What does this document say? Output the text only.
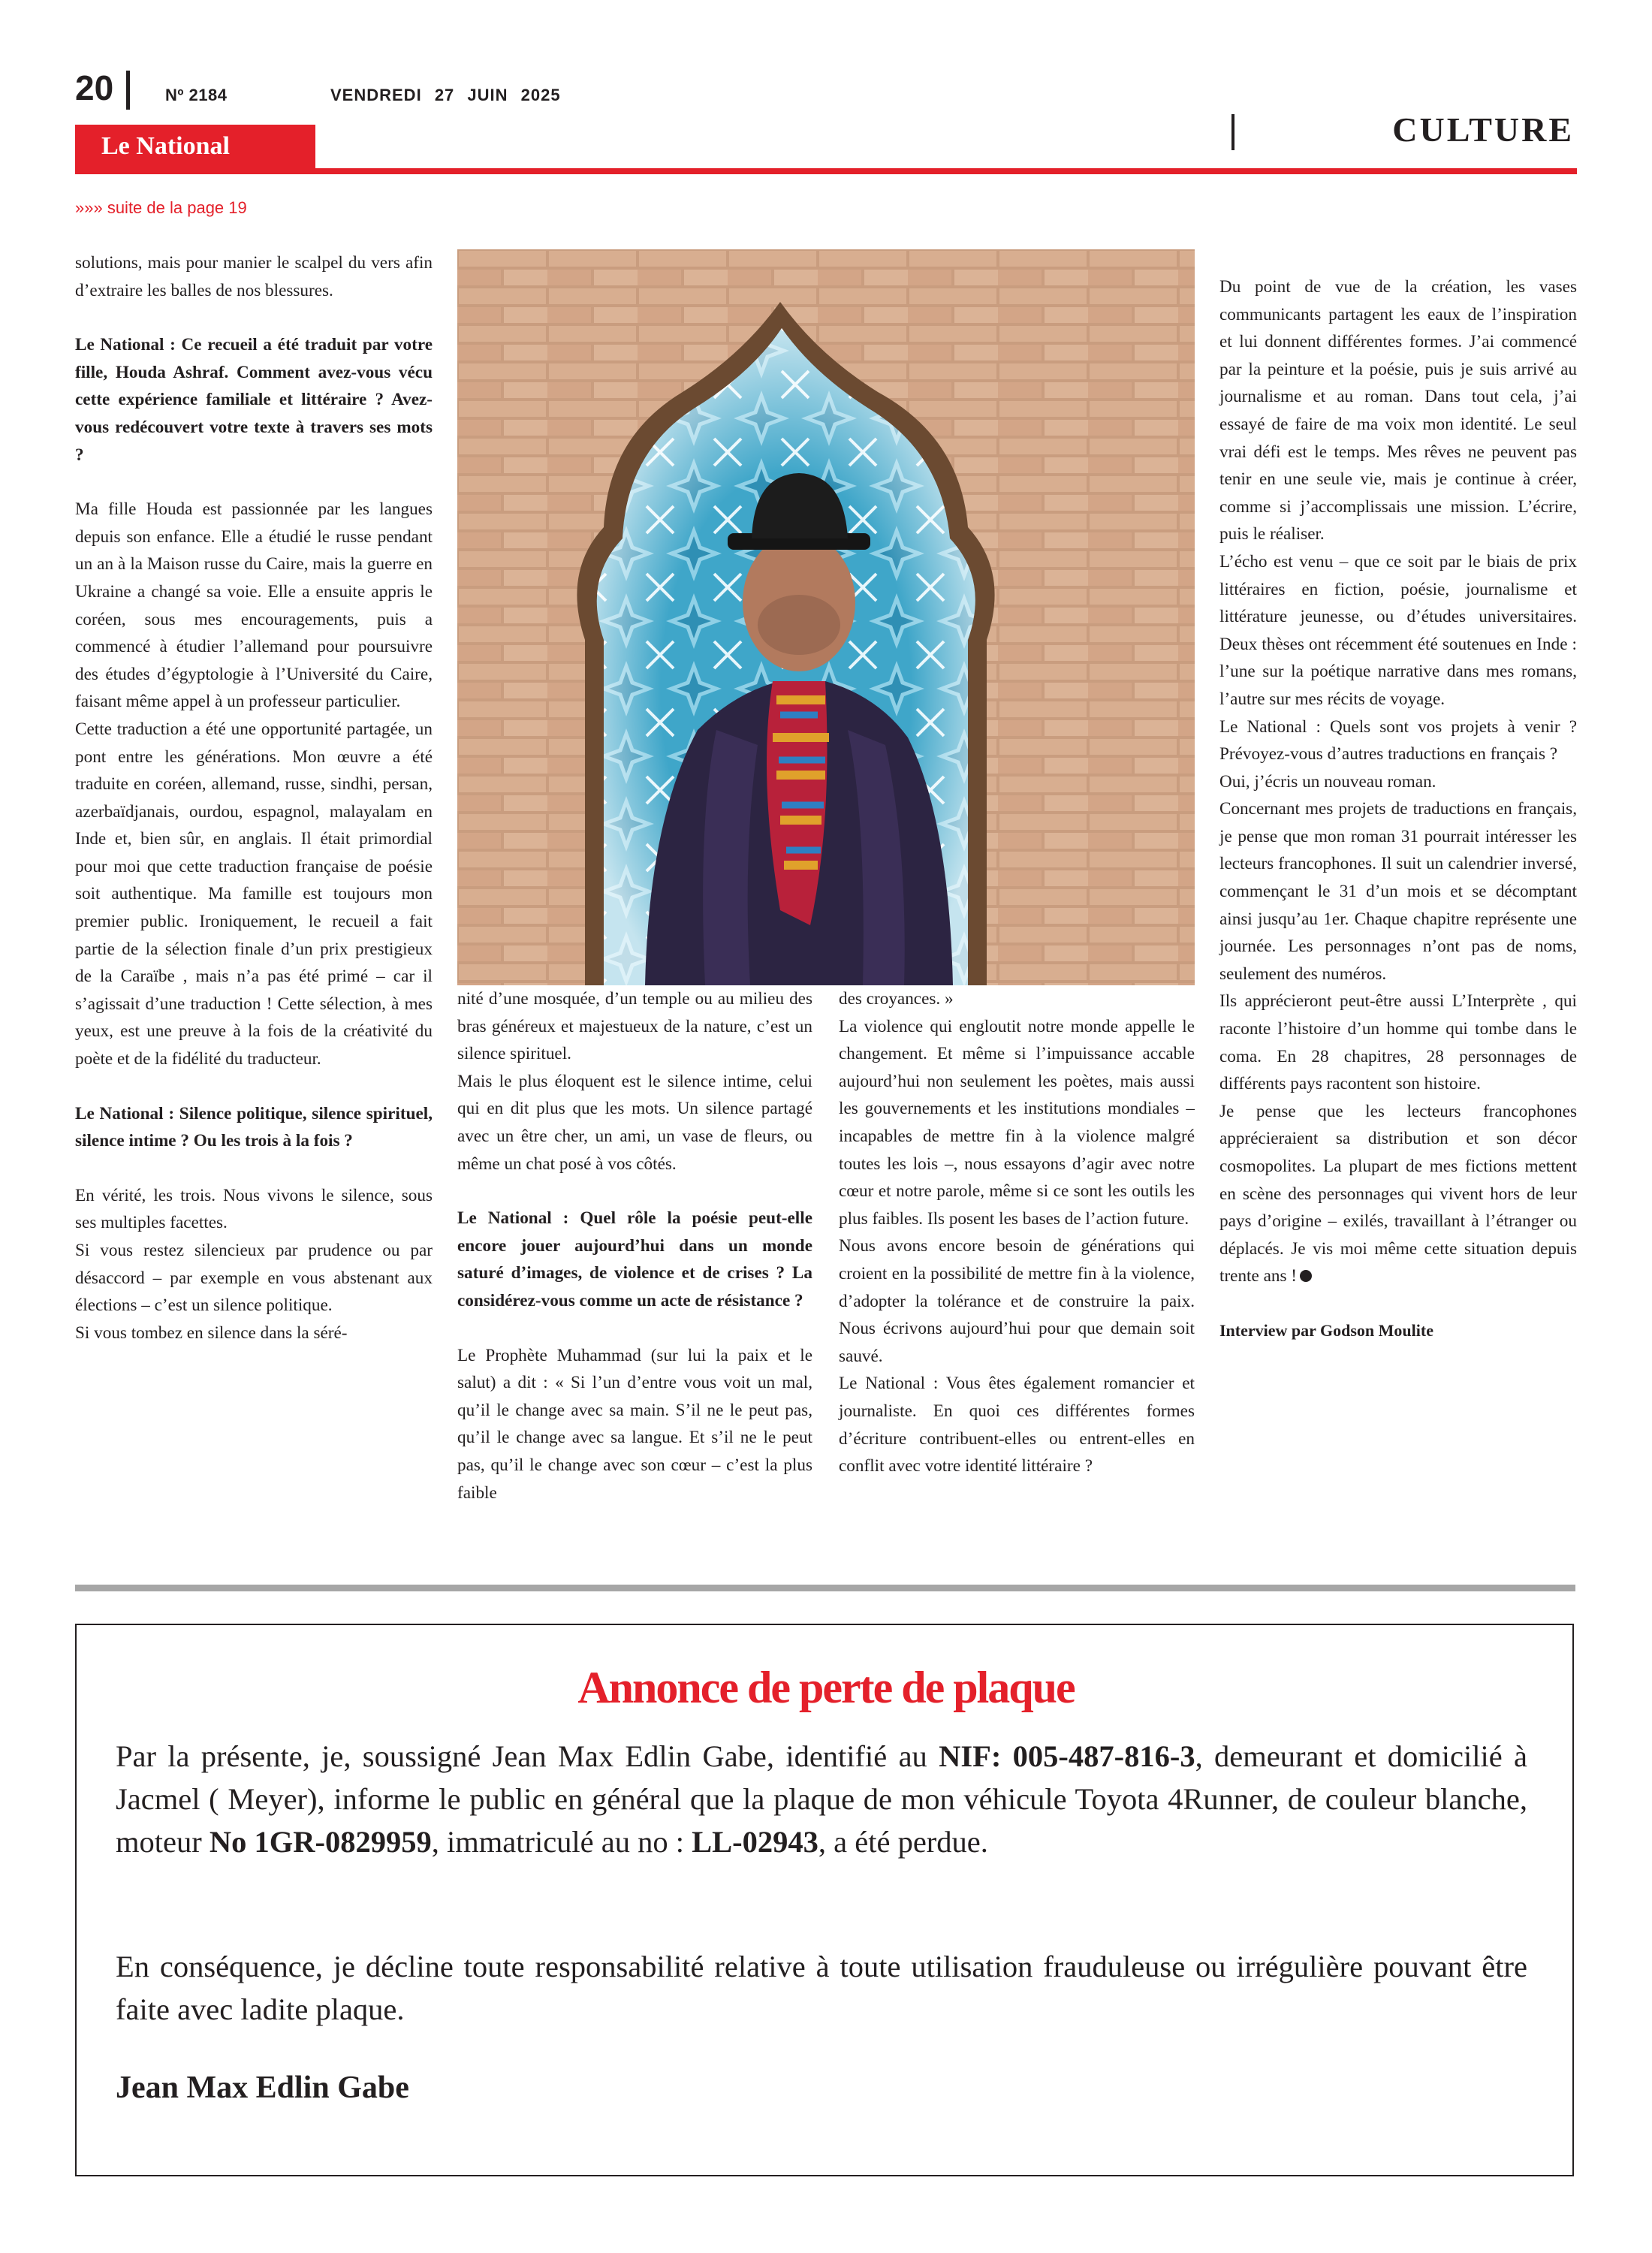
20	Nº 2184	VENDREDI 27 JUIN 2025
CULTURE
Le National
»»» suite de la page 19

solutions, mais pour manier le scalpel du vers afin d’extraire les balles de nos blessures.

Le National : Ce recueil a été traduit par votre fille, Houda Ashraf. Comment avez-vous vécu cette expérience familiale et littéraire ? Avez-vous redécouvert votre texte à travers ses mots ?

Ma fille Houda est passionnée par les langues depuis son enfance. Elle a étudié le russe pendant un an à la Maison russe du Caire, mais la guerre en Ukraine a changé sa voie. Elle a ensuite appris le coréen, sous mes encouragements, puis a commencé à étudier l’allemand pour poursuivre des études d’égyptologie à l’Université du Caire, faisant même appel à un professeur particulier.

Cette traduction a été une opportunité partagée, un pont entre les générations. Mon œuvre a été traduite en coréen, allemand, russe, sindhi, persan, azerbaïdjanais, ourdou, espagnol, malayalam en Inde et, bien sûr, en anglais. Il était primordial pour moi que cette traduction française de poésie soit authentique. Ma famille est toujours mon premier public. Ironiquement, le recueil a fait partie de la sélection finale d’un prix prestigieux de la Caraïbe , mais n’a pas été primé – car il s’agissait d’une traduction ! Cette sélection, à mes yeux, est une preuve à la fois de la créativité du poète et de la fidélité du traducteur.

Le National : Silence politique, silence spirituel, silence intime ? Ou les trois à la fois ?

En vérité, les trois. Nous vivons le silence, sous ses multiples facettes.

Si vous restez silencieux par prudence ou par désaccord – par exemple en vous abstenant aux élections – c’est un silence politique.

Si vous tombez en silence dans la séré-

nité d’une mosquée, d’un temple ou au milieu des bras généreux et majestueux de la nature, c’est un silence spirituel.

Mais le plus éloquent est le silence intime, celui qui en dit plus que les mots. Un silence partagé avec un être cher, un ami, un vase de fleurs, ou même un chat posé à vos côtés.

Le National : Quel rôle la poésie peut-elle encore jouer aujourd’hui dans un monde saturé d’images, de violence et de crises ? La considérez-vous comme un acte de résistance ?

Le Prophète Muhammad (sur lui la paix et le salut) a dit : « Si l’un d’entre vous voit un mal, qu’il le change avec sa main. S’il ne le peut pas, qu’il le change avec sa langue. Et s’il ne le peut pas, qu’il le change avec son cœur – c’est la plus faible

des croyances. »

La violence qui engloutit notre monde appelle le changement. Et même si l’impuissance accable aujourd’hui non seulement les poètes, mais aussi les gouvernements et les institutions mondiales – incapables de mettre fin à la violence malgré toutes les lois –, nous essayons d’agir avec notre cœur et notre parole, même si ce sont les outils les plus faibles. Ils posent les bases de l’action future.

Nous avons encore besoin de générations qui croient en la possibilité de mettre fin à la violence, d’adopter la tolérance et de construire la paix. Nous écrivons aujourd’hui pour que demain soit sauvé.

Le National : Vous êtes également romancier et journaliste. En quoi ces différentes formes d’écriture contribuent-elles ou entrent-elles en conflit avec votre identité littéraire ?

Du point de vue de la création, les vases communicants partagent les eaux de l’inspiration et lui donnent différentes formes. J’ai commencé par la peinture et la poésie, puis je suis arrivé au journalisme et au roman. Dans tout cela, j’ai essayé de faire de ma voix mon identité. Le seul vrai défi est le temps. Mes rêves ne peuvent pas tenir en une seule vie, mais je continue à créer, comme si j’accomplissais une mission. L’écrire, puis le réaliser.

L’écho est venu – que ce soit par le biais de prix littéraires en fiction, poésie, journalisme et littérature jeunesse, ou d’études universitaires. Deux thèses ont récemment été soutenues en Inde : l’une sur la poétique narrative dans mes romans, l’autre sur mes récits de voyage.

Le National : Quels sont vos projets à venir ? Prévoyez-vous d’autres traductions en français ?

Oui, j’écris un nouveau roman.

Concernant mes projets de traductions en français, je pense que mon roman 31 pourrait intéresser les lecteurs francophones. Il suit un calendrier inversé, commençant le 31 d’un mois et se décomptant ainsi jusqu’au 1er. Chaque chapitre représente une journée. Les personnages n’ont pas de noms, seulement des numéros.

Ils apprécieront peut-être aussi L’Interprète , qui raconte l’histoire d’un homme qui tombe dans le coma. En 28 chapitres, 28 personnages de différents pays racontent son histoire.

Je pense que les lecteurs francophones apprécieraient sa distribution et son décor cosmopolites. La plupart de mes fictions mettent en scène des personnages qui vivent hors de leur pays d’origine – exilés, travaillant à l’étranger ou déplacés. Je vis moi même cette situation depuis trente ans !

Interview par Godson Moulite

Annonce de perte de plaque

Par la présente, je, soussigné Jean Max Edlin Gabe, identifié au NIF: 005-487-816-3, demeurant et domicilié à Jacmel ( Meyer), informe le public en général que la plaque de mon véhicule Toyota 4Runner, de couleur blanche, moteur No 1GR-0829959, immatriculé au no : LL-02943, a été perdue.

En conséquence, je décline toute responsabilité relative à toute utilisation frauduleuse ou irrégulière pouvant être faite avec ladite plaque.

Jean Max Edlin Gabe
